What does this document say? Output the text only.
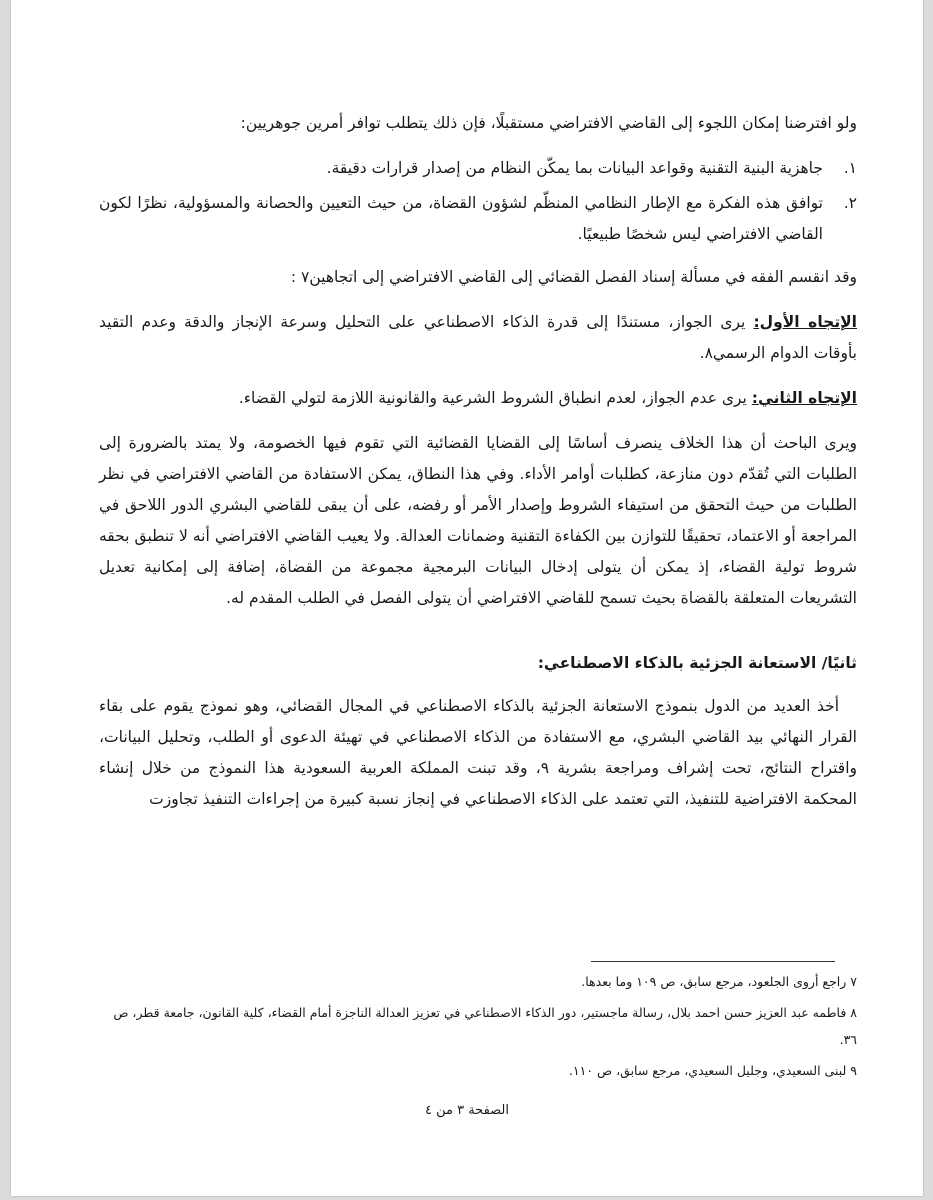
ولو افترضنا إمكان اللجوء إلى القاضي الافتراضي مستقبلًا، فإن ذلك يتطلب توافر أمرين جوهريين:

١.
جاهزية البنية التقنية وقواعد البيانات بما يمكّن النظام من إصدار قرارات دقيقة.
٢.
توافق هذه الفكرة مع الإطار النظامي المنظّم لشؤون القضاة، من حيث التعيين والحصانة والمسؤولية، نظرًا لكون القاضي الافتراضي ليس شخصًا طبيعيًا.

وقد انقسم الفقه في مسألة إسناد الفصل القضائي إلى القاضي الافتراضي إلى اتجاهين٧ :

الإتجاه الأول: يرى الجواز، مستندًا إلى قدرة الذكاء الاصطناعي على التحليل وسرعة الإنجاز والدقة وعدم التقيد بأوقات الدوام الرسمي٨.

الإتجاه الثاني: يرى عدم الجواز، لعدم انطباق الشروط الشرعية والقانونية اللازمة لتولي القضاء.

ويرى الباحث أن هذا الخلاف ينصرف أساسًا إلى القضايا القضائية التي تقوم فيها الخصومة، ولا يمتد بالضرورة إلى الطلبات التي تُقدّم دون منازعة، كطلبات أوامر الأداء. وفي هذا النطاق، يمكن الاستفادة من القاضي الافتراضي في نظر الطلبات من حيث التحقق من استيفاء الشروط وإصدار الأمر أو رفضه، على أن يبقى للقاضي البشري الدور اللاحق في المراجعة أو الاعتماد، تحقيقًا للتوازن بين الكفاءة التقنية وضمانات العدالة. ولا يعيب القاضي الافتراضي أنه لا تنطبق بحقه شروط تولية القضاء، إذ يمكن أن يتولى إدخال البيانات البرمجية مجموعة من القضاة، إضافة إلى إمكانية تعديل التشريعات المتعلقة بالقضاة بحيث تسمح للقاضي الافتراضي أن يتولى الفصل في الطلب المقدم له.

ثانيًا/ الاستعانة الجزئية بالذكاء الاصطناعي:

أخذ العديد من الدول بنموذج الاستعانة الجزئية بالذكاء الاصطناعي في المجال القضائي، وهو نموذج يقوم على بقاء القرار النهائي بيد القاضي البشري، مع الاستفادة من الذكاء الاصطناعي في تهيئة الدعوى أو الطلب، وتحليل البيانات، واقتراح النتائج، تحت إشراف ومراجعة بشرية ٩، وقد تبنت المملكة العربية السعودية هذا النموذج من خلال إنشاء المحكمة الافتراضية للتنفيذ، التي تعتمد على الذكاء الاصطناعي في إنجاز نسبة كبيرة من إجراءات التنفيذ تجاوزت

٧ راجع أروى الجلعود، مرجع سابق، ص ١٠٩ وما بعدها.

٨ فاطمه عبد العزيز حسن احمد بلال، رسالة ماجستير، دور الذكاء الاصطناعي في تعزيز العدالة الناجزة أمام القضاء، كلية القانون، جامعة قطر، ص ٣٦.

٩ لبنى السعيدي، وجليل السعيدي، مرجع سابق، ص ١١٠.

الصفحة ٣ من ٤
